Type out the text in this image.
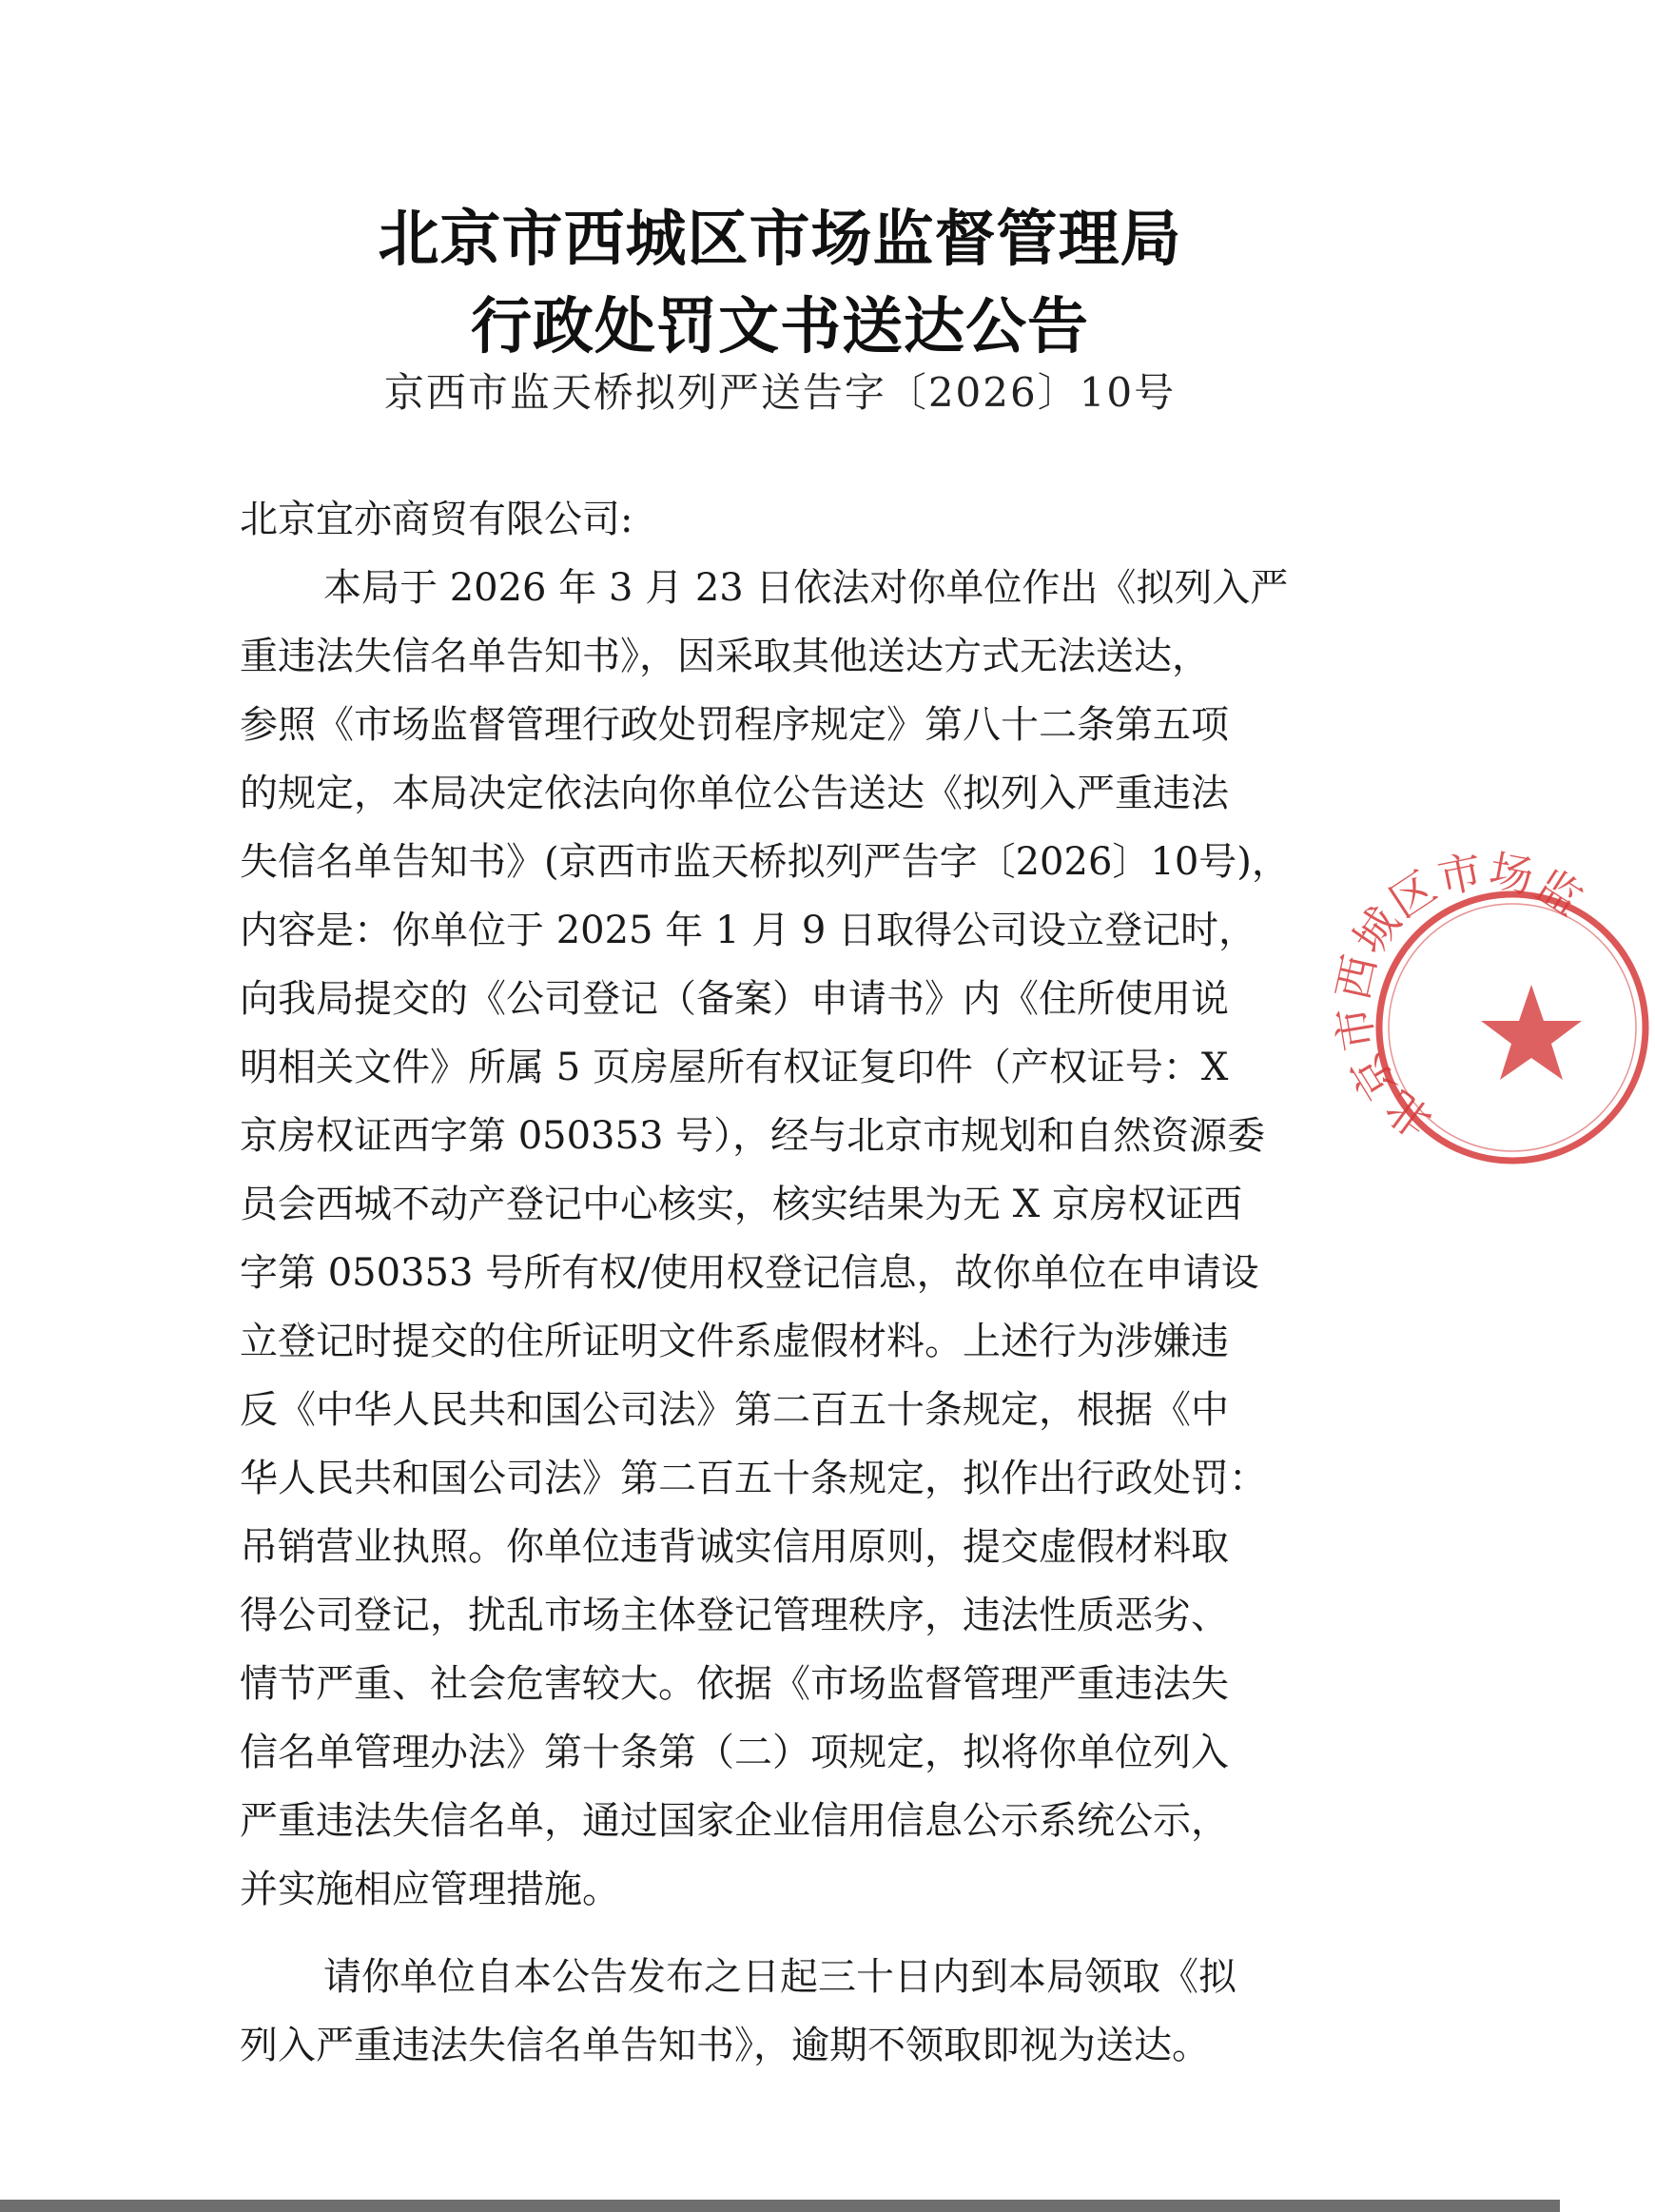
北京市西城区市场监督管理局
行政处罚文书送达公告
京西市监天桥拟列严送告字〔2026〕10号
北京宜亦商贸有限公司:
本局于 2026 年 3 月 23 日依法对你单位作出《拟列入严
重违法失信名单告知书》，因采取其他送达方式无法送达，
参照《市场监督管理行政处罚程序规定》第八十二条第五项
的规定，本局决定依法向你单位公告送达《拟列入严重违法
失信名单告知书》(京西市监天桥拟列严告字〔2026〕10号)，
内容是：你单位于 2025 年 1 月 9 日取得公司设立登记时，
向我局提交的《公司登记（备案）申请书》内《住所使用说
明相关文件》所属 5 页房屋所有权证复印件（产权证号：X
京房权证西字第 050353 号），经与北京市规划和自然资源委
员会西城不动产登记中心核实，核实结果为无 X 京房权证西
字第 050353 号所有权/使用权登记信息，故你单位在申请设
立登记时提交的住所证明文件系虚假材料。上述行为涉嫌违
反《中华人民共和国公司法》第二百五十条规定，根据《中
华人民共和国公司法》第二百五十条规定，拟作出行政处罚：
吊销营业执照。你单位违背诚实信用原则，提交虚假材料取
得公司登记，扰乱市场主体登记管理秩序，违法性质恶劣、
情节严重、社会危害较大。依据《市场监督管理严重违法失
信名单管理办法》第十条第（二）项规定，拟将你单位列入
严重违法失信名单，通过国家企业信用信息公示系统公示，
并实施相应管理措施。
请你单位自本公告发布之日起三十日内到本局领取《拟
列入严重违法失信名单告知书》，逾期不领取即视为送达。
北京市西城区市场监
